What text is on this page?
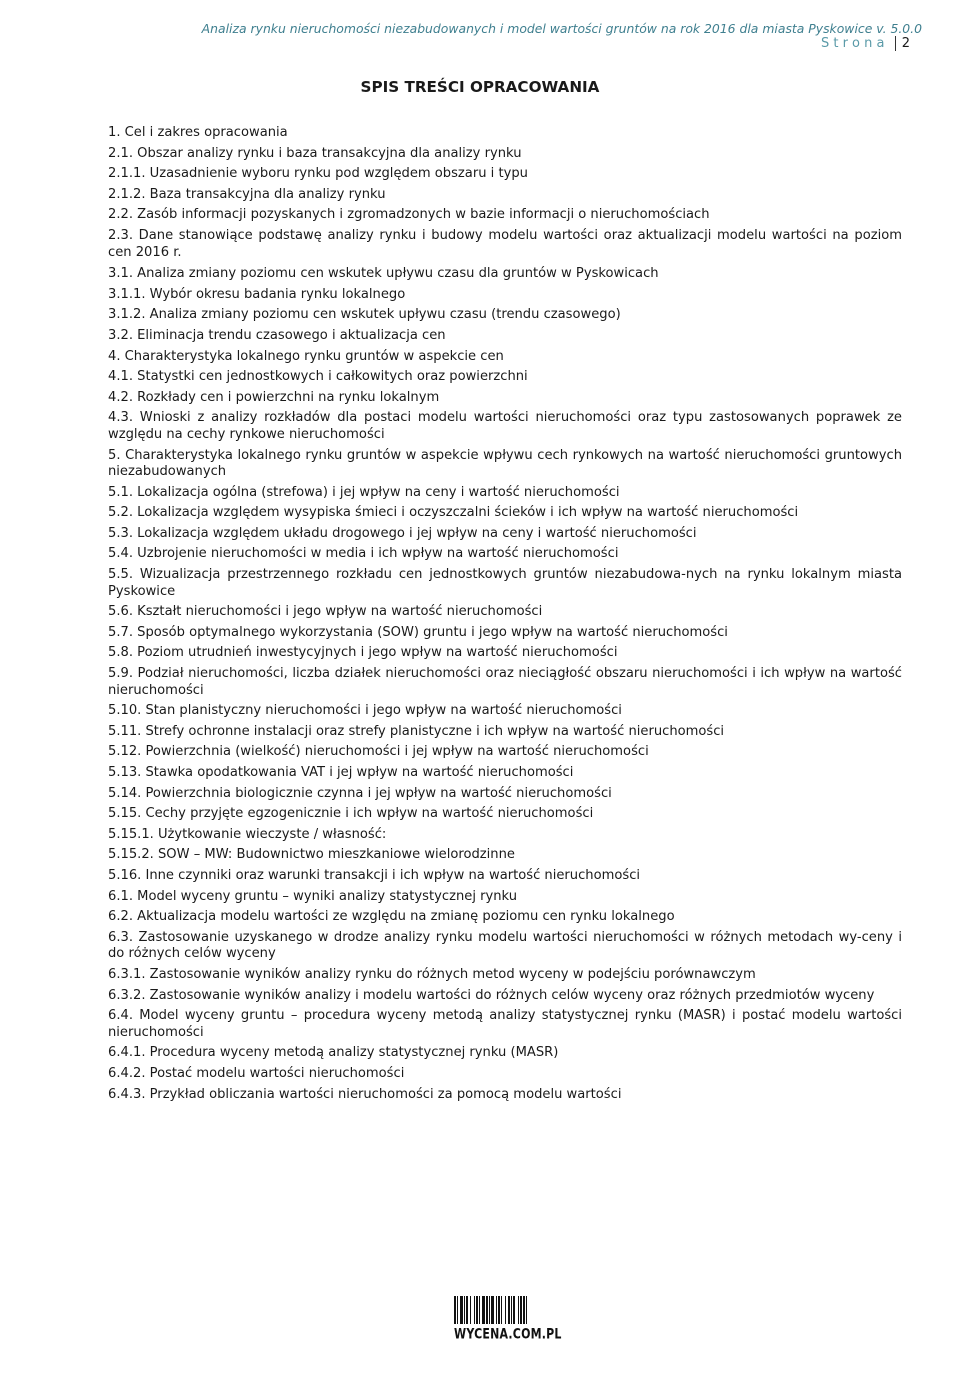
Analiza rynku nieruchomości niezabudowanych i model wartości gruntów na rok 2016 dla miasta Pyskowice v. 5.0.0
Strona 2
SPIS TREŚCI OPRACOWANIA
1. Cel i zakres opracowania
2.1. Obszar analizy rynku i baza transakcyjna dla analizy rynku
2.1.1. Uzasadnienie wyboru rynku pod względem obszaru i typu
2.1.2. Baza transakcyjna dla analizy rynku
2.2. Zasób informacji pozyskanych i zgromadzonych w bazie informacji o nieruchomościach
2.3. Dane stanowiące podstawę analizy rynku i budowy modelu wartości oraz aktualizacji modelu wartości na poziom cen 2016 r.
3.1. Analiza zmiany poziomu cen wskutek upływu czasu dla gruntów w Pyskowicach
3.1.1. Wybór okresu badania rynku lokalnego
3.1.2. Analiza zmiany poziomu cen wskutek upływu czasu (trendu czasowego)
3.2. Eliminacja trendu czasowego i aktualizacja cen
4. Charakterystyka lokalnego rynku gruntów w aspekcie cen
4.1. Statystki cen jednostkowych i całkowitych oraz powierzchni
4.2. Rozkłady cen i powierzchni na rynku lokalnym
4.3. Wnioski z analizy rozkładów dla postaci modelu wartości nieruchomości oraz typu zastosowanych poprawek ze względu na cechy rynkowe nieruchomości
5. Charakterystyka lokalnego rynku gruntów w aspekcie wpływu cech rynkowych na wartość nieruchomości gruntowych niezabudowanych
5.1. Lokalizacja ogólna (strefowa) i jej wpływ na ceny i wartość nieruchomości
5.2. Lokalizacja względem wysypiska śmieci i oczyszczalni ścieków i ich wpływ na wartość nieruchomości
5.3. Lokalizacja względem układu drogowego i jej wpływ na ceny i wartość nieruchomości
5.4. Uzbrojenie nieruchomości w media i ich wpływ na wartość nieruchomości
5.5. Wizualizacja przestrzennego rozkładu cen jednostkowych gruntów niezabudowa-nych na rynku lokalnym miasta Pyskowice
5.6. Kształt nieruchomości i jego wpływ na wartość nieruchomości
5.7. Sposób optymalnego wykorzystania (SOW) gruntu i jego wpływ na wartość nieruchomości
5.8. Poziom utrudnień inwestycyjnych i jego wpływ na wartość nieruchomości
5.9. Podział nieruchomości, liczba działek nieruchomości oraz nieciągłość obszaru nieruchomości i ich wpływ na wartość nieruchomości
5.10. Stan planistyczny nieruchomości i jego wpływ na wartość nieruchomości
5.11. Strefy ochronne instalacji oraz strefy planistyczne i ich wpływ na wartość nieruchomości
5.12. Powierzchnia (wielkość) nieruchomości i jej wpływ na wartość nieruchomości
5.13. Stawka opodatkowania VAT i jej wpływ na wartość nieruchomości
5.14. Powierzchnia biologicznie czynna i jej wpływ na wartość nieruchomości
5.15. Cechy przyjęte egzogenicznie i ich wpływ na wartość nieruchomości
5.15.1. Użytkowanie wieczyste / własność:
5.15.2. SOW – MW: Budownictwo mieszkaniowe wielorodzinne
5.16. Inne czynniki oraz warunki transakcji i ich wpływ na wartość nieruchomości
6.1. Model wyceny gruntu – wyniki analizy statystycznej rynku
6.2. Aktualizacja modelu wartości ze względu na zmianę poziomu cen rynku lokalnego
6.3. Zastosowanie uzyskanego w drodze analizy rynku modelu wartości nieruchomości w różnych metodach wy-ceny i do różnych celów wyceny
6.3.1. Zastosowanie wyników analizy rynku do różnych metod wyceny w podejściu porównawczym
6.3.2. Zastosowanie wyników analizy i modelu wartości do różnych celów wyceny oraz różnych przedmiotów wyceny
6.4. Model wyceny gruntu – procedura wyceny metodą analizy statystycznej rynku (MASR) i postać modelu wartości nieruchomości
6.4.1. Procedura wyceny metodą analizy statystycznej rynku (MASR)
6.4.2. Postać modelu wartości nieruchomości
6.4.3. Przykład obliczania wartości nieruchomości za pomocą modelu wartości
WYCENA.COM.PL
